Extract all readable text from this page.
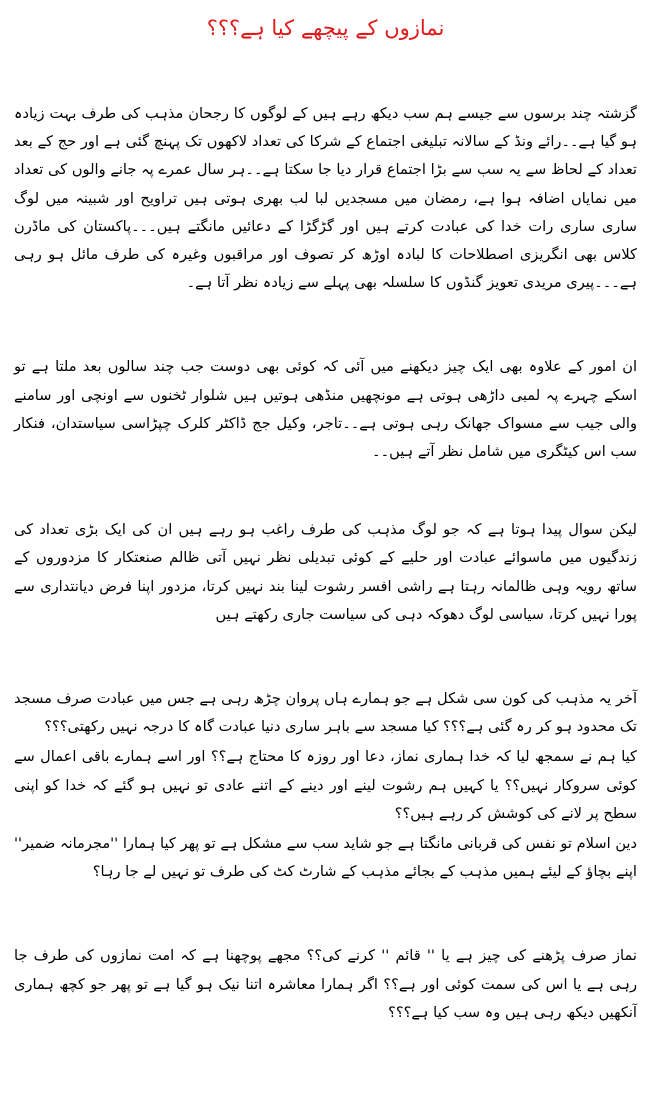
نمازوں کے پیچھے کیا ہے؟؟؟

گزشتہ چند برسوں سے جیسے ہم سب دیکھ رہے ہیں کے لوگوں کا رجحان مذہب کی طرف بہت زیادہ ہو گیا ہے۔۔رائے ونڈ کے سالانہ تبلیغی اجتماع کے شرکا کی تعداد لاکھوں تک پہنچ گئی ہے اور حج کے بعد تعداد کے لحاظ سے یہ سب سے بڑا اجتماع قرار دیا جا سکتا ہے۔۔ہر سال عمرے پہ جانے والوں کی تعداد میں نمایاں اضافہ ہوا ہے، رمضان میں مسجدیں لبا لب بھری ہوتی ہیں تراویح اور شبینہ میں لوگ ساری ساری رات خدا کی عبادت کرتے ہیں اور گڑگڑا کے دعائیں مانگتے ہیں۔۔۔پاکستان کی ماڈرن کلاس بھی انگریزی اصطلاحات کا لبادہ اوڑھ کر تصوف اور مراقبوں وغیرہ کی طرف مائل ہو رہی ہے۔۔۔پیری مریدی تعویز گنڈوں کا سلسلہ بھی پہلے سے زیادہ نظر آتا ہے۔

ان امور کے علاوہ بھی ایک چیز دیکھنے میں آئی کہ کوئی بھی دوست جب چند سالوں بعد ملتا ہے تو اسکے چہرے پہ لمبی داڑھی ہوتی ہے مونچھیں منڈھی ہوتیں ہیں شلوار ٹخنوں سے اونچی اور سامنے والی جیب سے مسواک جھانک رہی ہوتی ہے۔۔تاجر، وکیل جج ڈاکٹر کلرک چپڑاسی سیاستدان، فنکار سب اس کیٹگری میں شامل نظر آتے ہیں۔۔

لیکن سوال پیدا ہوتا ہے کہ جو لوگ مذہب کی طرف راغب ہو رہے ہیں ان کی ایک بڑی تعداد کی زندگیوں میں ماسوائے عبادت اور حلیے کے کوئی تبدیلی نظر نہیں آتی ظالم صنعتکار کا مزدوروں کے ساتھ رویہ وہی ظالمانہ رہتا ہے راشی افسر رشوت لینا بند نہیں کرتا، مزدور اپنا فرض دیانتداری سے پورا نہیں کرتا، سیاسی لوگ دھوکہ دہی کی سیاست جاری رکھتے ہیں

آخر یہ مذہب کی کون سی شکل ہے جو ہمارے ہاں پروان چڑھ رہی ہے جس میں عبادت صرف مسجد تک محدود ہو کر رہ گئی ہے؟؟؟ کیا مسجد سے باہر ساری دنیا عبادت گاہ کا درجہ نہیں رکھتی؟؟؟

کیا ہم نے سمجھ لیا کہ خدا ہماری نماز، دعا اور روزہ کا محتاج ہے؟؟ اور اسے ہمارے باقی اعمال سے کوئی سروکار نہیں؟؟ یا کہیں ہم رشوت لینے اور دینے کے اتنے عادی تو نہیں ہو گئے کہ خدا کو اپنی سطح پر لانے کی کوشش کر رہے ہیں؟؟

دین اسلام تو نفس کی قربانی مانگتا ہے جو شاید سب سے مشکل ہے تو پھر کیا ہمارا ''مجرمانہ ضمیر'' اپنے بچاؤ کے لیئے ہمیں مذہب کے بجائے مذہب کے شارٹ کٹ کی طرف تو نہیں لے جا رہا؟

نماز صرف پڑھنے کی چیز ہے یا '' قائم '' کرنے کی؟؟ مجھے پوچھنا ہے کہ امت نمازوں کی طرف جا رہی ہے یا اس کی سمت کوئی اور ہے؟؟ اگر ہمارا معاشرہ اتنا نیک ہو گیا ہے تو پھر جو کچھ ہماری آنکھیں دیکھ رہی ہیں وہ سب کیا ہے؟؟؟
